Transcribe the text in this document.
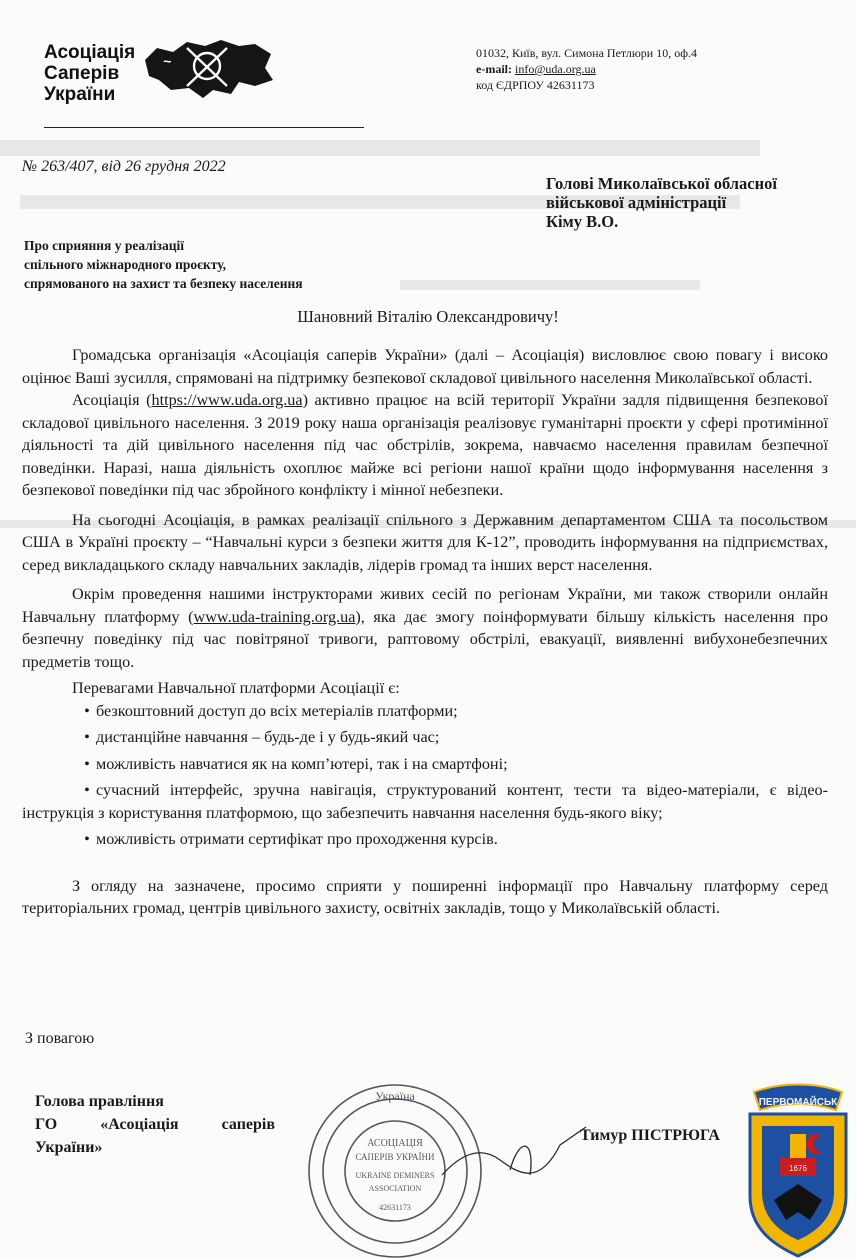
Асоціація
Саперів
України
~	01032, Київ, вул. Симона Петлюри 10, оф.4
e-mail: info@uda.org.ua
код ЄДРПОУ 42631173
№ 263/407, від 26 грудня 2022
Голові Миколаївської обласної
військової адміністрації
Кіму В.О.
Про сприяння у реалізації
спільного міжнародного проєкту,
спрямованого на захист та безпеку населення
Шановний Віталію Олександровичу!

Громадська організація «Асоціація саперів України» (далі – Асоціація) висловлює свою повагу і високо оцінює Ваші зусилля, спрямовані на підтримку безпекової складової цивільного населення Миколаївської області.

Асоціація (https://www.uda.org.ua) активно працює на всій території України задля підвищення безпекової складової цивільного населення. З 2019 року наша організація реалізовує гуманітарні проєкти у сфері протимінної діяльності та дій цивільного населення під час обстрілів, зокрема, навчаємо населення правилам безпечної поведінки. Наразі, наша діяльність охоплює майже всі регіони нашої країни щодо інформування населення з безпекової поведінки під час збройного конфлікту і мінної небезпеки.

На сьогодні Асоціація, в рамках реалізації спільного з Державним департаментом США та посольством США в Україні проєкту – “Навчальні курси з безпеки життя для К-12”, проводить інформування на підприємствах, серед викладацького складу навчальних закладів, лідерів громад та інших верст населення.

Окрім проведення нашими інструкторами живих сесій по регіонам України, ми також створили онлайн Навчальну платформу (www.uda-training.org.ua), яка дає змогу поінформувати більшу кількість населення про безпечну поведінку під час повітряної тривоги, раптовому обстрілі, евакуації, виявленні вибухонебезпечних предметів тощо.

Перевагами Навчальної платформи Асоціації є:

• безкоштовний доступ до всіх метеріалів платформи;
• дистанційне навчання – будь-де і у будь-який час;
• можливість навчатися як на комп’ютері, так і на смартфоні;

• сучасний інтерфейс, зручна навігація, структурований контент, тести та відео-матеріали, є відео-інструкція з користування платформою, що забезпечить навчання населення будь-якого віку;

• можливість отримати сертифікат про проходження курсів.

З огляду на зазначене, просимо сприяти у поширенні інформації про Навчальну платформу серед територіальних громад, центрів цивільного захисту, освітніх закладів, тощо у Миколаївській області.

З повагою
Голова правління
ГО	«Асоціація	саперів
України»
Україна
АСОЦІАЦІЯ
САПЕРІВ УКРАЇНИ
UKRAINE DEMINERS
ASSOCIATION
42631173
Тимур ПІСТРЮГА
ПЕРВОМАЙСЬК
1676
